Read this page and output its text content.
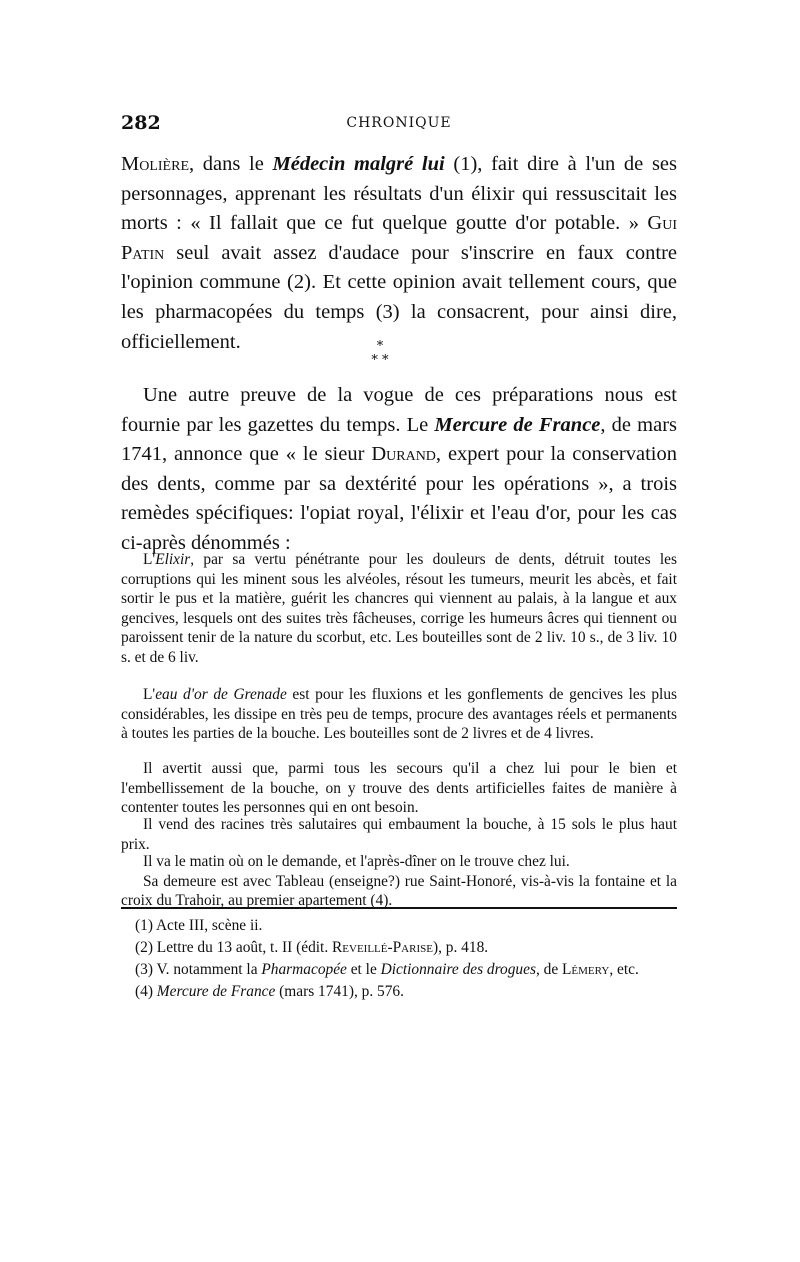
282	CHRONIQUE

Molière, dans le Médecin malgré lui (1), fait dire à l'un de ses personnages, apprenant les résultats d'un élixir qui ressuscitait les morts : « Il fallait que ce fut quelque goutte d'or potable. » Gui Patin seul avait assez d'audace pour s'inscrire en faux contre l'opinion commune (2). Et cette opinion avait tellement cours, que les pharmacopées du temps (3) la consacrent, pour ainsi dire, officiellement.	*
* *

Une autre preuve de la vogue de ces préparations nous est fournie par les gazettes du temps. Le Mercure de France, de mars 1741, annonce que « le sieur Durand, expert pour la conservation des dents, comme par sa dextérité pour les opérations », a trois remèdes spécifiques: l'opiat royal, l'élixir et l'eau d'or, pour les cas ci-après dénommés :

L'Elixir, par sa vertu pénétrante pour les douleurs de dents, détruit toutes les corruptions qui les minent sous les alvéoles, résout les tumeurs, meurit les abcès, et fait sortir le pus et la matière, guérit les chancres qui viennent au palais, à la langue et aux gencives, lesquels ont des suites très fâcheuses, corrige les humeurs âcres qui tiennent ou paroissent tenir de la nature du scorbut, etc. Les bouteilles sont de 2 liv. 10 s., de 3 liv. 10 s. et de 6 liv.

L'eau d'or de Grenade est pour les fluxions et les gonflements de gencives les plus considérables, les dissipe en très peu de temps, procure des avantages réels et permanents à toutes les parties de la bouche. Les bouteilles sont de 2 livres et de 4 livres.

Il avertit aussi que, parmi tous les secours qu'il a chez lui pour le bien et l'embellissement de la bouche, on y trouve des dents artificielles faites de manière à contenter toutes les personnes qui en ont besoin.

Il vend des racines très salutaires qui embaument la bouche, à 15 sols le plus haut prix.

Il va le matin où on le demande, et l'après-dîner on le trouve chez lui.

Sa demeure est avec Tableau (enseigne?) rue Saint-Honoré, vis-à-vis la fontaine et la croix du Trahoir, au premier apartement (4).

(1) Acte III, scène ii.

(2) Lettre du 13 août, t. II (édit. Reveillé-Parise), p. 418.

(3) V. notamment la Pharmacopée et le Dictionnaire des drogues, de Lémery, etc.

(4) Mercure de France (mars 1741), p. 576.
